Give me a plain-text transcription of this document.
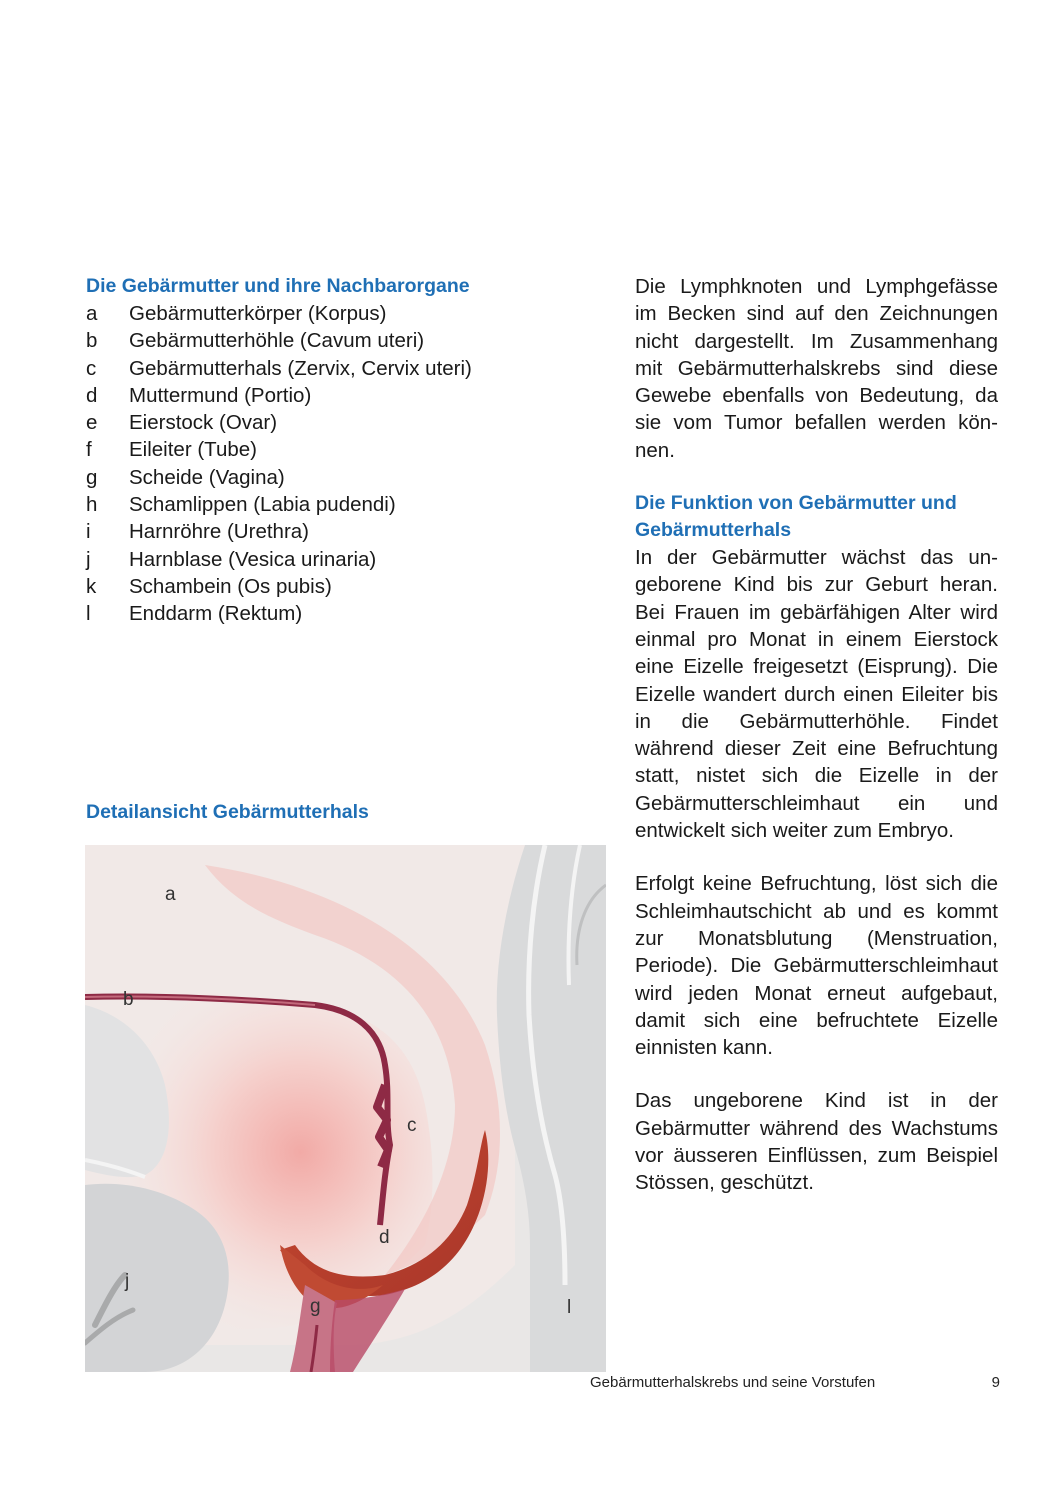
Die Gebärmutter und ihre Nachbarorgane
a	Gebärmutterkörper (Korpus)
b	Gebärmutterhöhle (Cavum uteri)
c	Gebärmutterhals (Zervix, Cervix uteri)
d	Muttermund (Portio)
e	Eierstock (Ovar)
f	Eileiter (Tube)
g	Scheide (Vagina)
h	Schamlippen (Labia pudendi)
i	Harnröhre (Urethra)
j	Harnblase (Vesica urinaria)
k	Schambein (Os pubis)
l	Enddarm (Rektum)
Detailansicht Gebärmutterhals
a
b
c
d
g
j
l

Die Lymphknoten und Lymphgefässe im Becken sind auf den Zeichnungen nicht dargestellt. Im Zusammenhang mit Gebärmutterhalskrebs sind diese Gewebe ebenfalls von Bedeutung, da sie vom Tumor befallen werden können.

Die Funktion von Gebärmutter und Gebärmutterhals

In der Gebärmutter wächst das ungeborene Kind bis zur Geburt heran. Bei Frauen im gebärfähigen Alter wird einmal pro Monat in einem Eierstock eine Eizelle freigesetzt (Eisprung). Die Eizelle wandert durch einen Eileiter bis in die Gebärmutterhöhle. Findet während dieser Zeit eine Befruchtung statt, nistet sich die Eizelle in der Gebärmutterschleimhaut ein und entwickelt sich weiter zum Embryo.

Erfolgt keine Befruchtung, löst sich die Schleimhautschicht ab und es kommt zur Monatsblutung (Menstruation, Periode). Die Gebärmutterschleimhaut wird jeden Monat erneut aufgebaut, damit sich eine befruchtete Eizelle einnisten kann.

Das ungeborene Kind ist in der Gebärmutter während des Wachstums vor äusseren Einflüssen, zum Beispiel Stössen, geschützt.

Gebärmutterhalskrebs und seine Vorstufen	9
